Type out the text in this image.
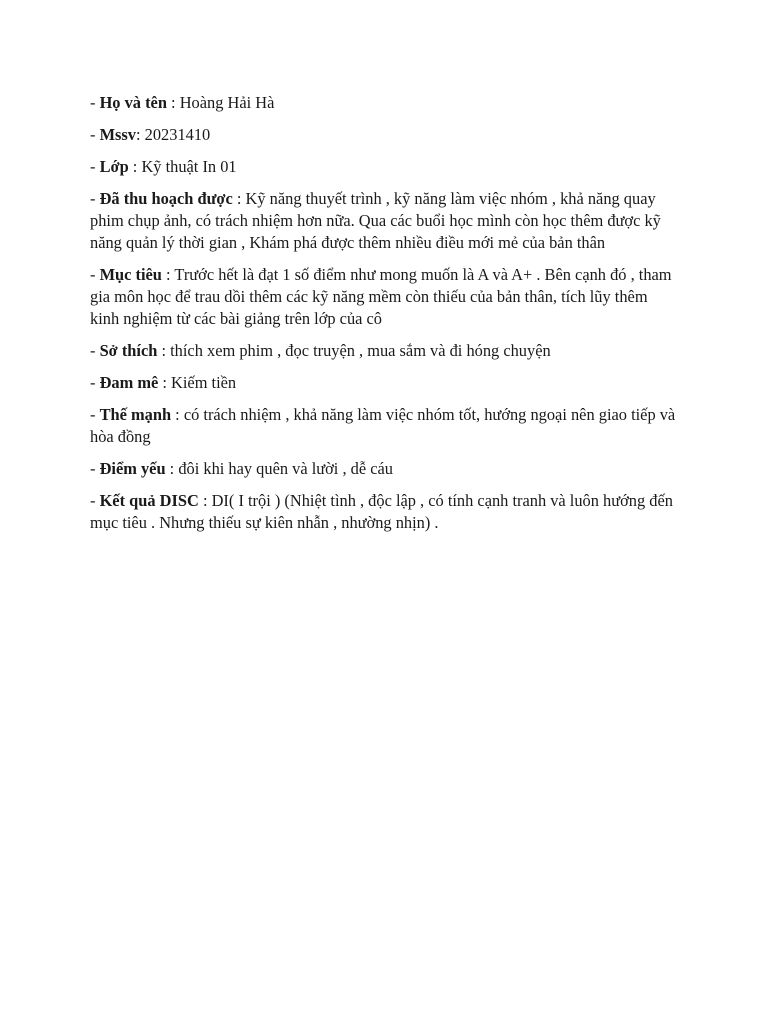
- Họ và tên : Hoàng Hải Hà

- Mssv: 20231410

- Lớp : Kỹ thuật In 01

- Đã thu hoạch được : Kỹ năng thuyết trình , kỹ năng làm việc nhóm , khả năng quay phim chụp ảnh, có trách nhiệm hơn nữa. Qua các buổi học mình còn học thêm được kỹ năng quản lý thời gian , Khám phá được thêm nhiều điều mới mẻ của bản thân

- Mục tiêu : Trước hết là đạt 1 số điểm như mong muốn là A và A+ . Bên cạnh đó , tham gia môn học để trau dồi thêm các kỹ năng mềm còn thiếu của bản thân, tích lũy thêm kinh nghiệm từ các bài giảng trên lớp của cô

- Sở thích : thích xem phim , đọc truyện , mua sắm và đi hóng chuyện

- Đam mê : Kiếm tiền

- Thế mạnh : có trách nhiệm , khả năng làm việc nhóm tốt, hướng ngoại nên giao tiếp và hòa đồng

- Điểm yếu : đôi khi hay quên và lười , dễ cáu

- Kết quả DISC : DI( I trội ) (Nhiệt tình , độc lập , có tính cạnh tranh và luôn hướng đến mục tiêu . Nhưng thiếu sự kiên nhẫn , nhường nhịn) .
